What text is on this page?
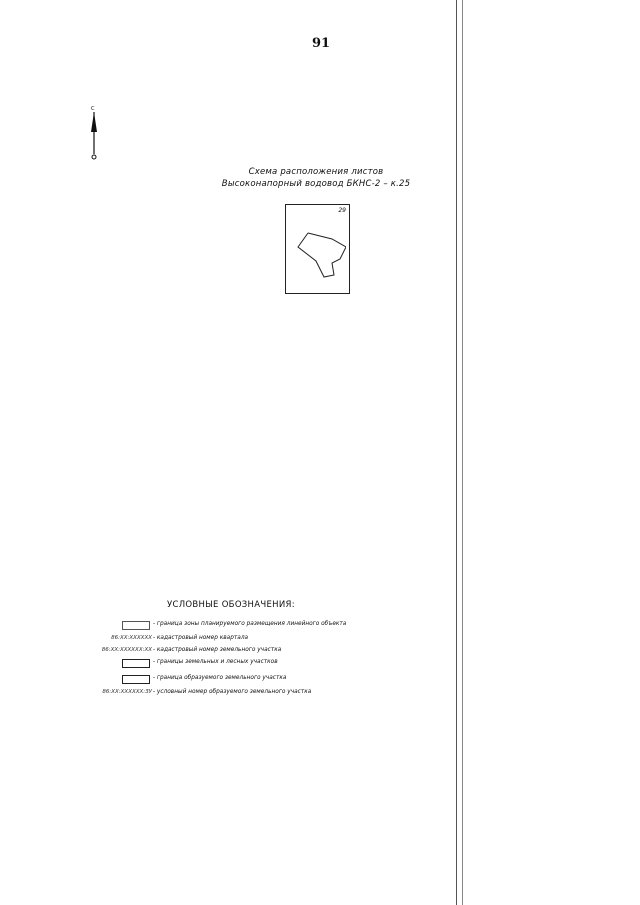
91
С
Схема расположения листов
Высоконапорный водовод БКНС-2 – к.25
29
УСЛОВНЫЕ ОБОЗНАЧЕНИЯ:
- граница зоны планируемого размещения линейного объекта
86:XX:XXXXXX - кадастровый номер квартала
86:XX:XXXXXX:XX - кадастровый номер земельного участка
- границы земельных и лесных участков
- граница образуемого земельного участка
86:XX:XXXXXX:ЗУ - условный номер образуемого земельного участка
